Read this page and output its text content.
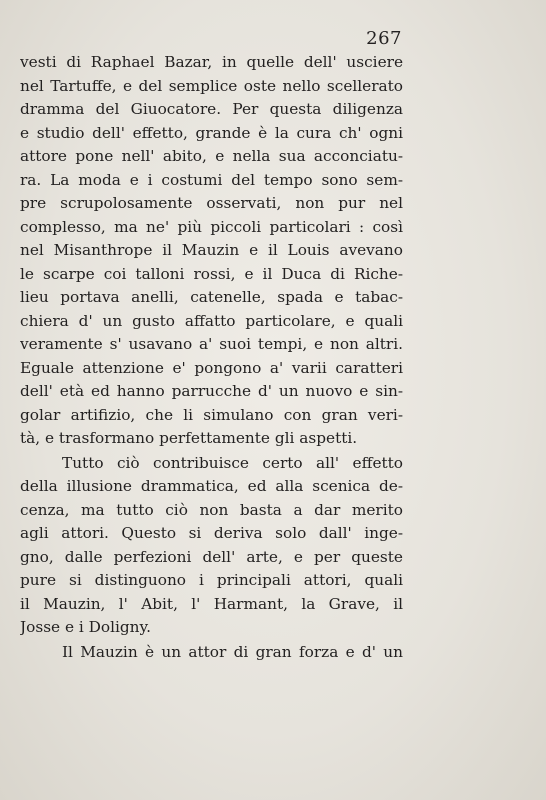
267
vesti di Raphael Bazar, in quelle dell' usciere
nel Tartuffe, e del semplice oste nello scellerato
dramma del Giuocatore. Per questa diligenza
e studio dell' effetto, grande è la cura ch' ogni
attore pone nell' abito, e nella sua acconciatu-
ra. La moda e i costumi del tempo sono sem-
pre scrupolosamente osservati, non pur nel
complesso, ma ne' più piccoli particolari : così
nel Misanthrope il Mauzin e il Louis avevano
le scarpe coi talloni rossi, e il Duca di Riche-
lieu portava anelli, catenelle, spada e tabac-
chiera d' un gusto affatto particolare, e quali
veramente s' usavano a' suoi tempi, e non altri.
Eguale attenzione e' pongono a' varii caratteri
dell' età ed hanno parrucche d' un nuovo e sin-
golar artifizio, che li simulano con gran veri-
tà, e trasformano perfettamente gli aspetti.
Tutto ciò contribuisce certo all' effetto
della illusione drammatica, ed alla scenica de-
cenza, ma tutto ciò non basta a dar merito
agli attori. Questo si deriva solo dall' inge-
gno, dalle perfezioni dell' arte, e per queste
pure si distinguono i principali attori, quali
il Mauzin, l' Abit, l' Harmant, la Grave, il
Josse e i Doligny.
Il Mauzin è un attor di gran forza e d' un
